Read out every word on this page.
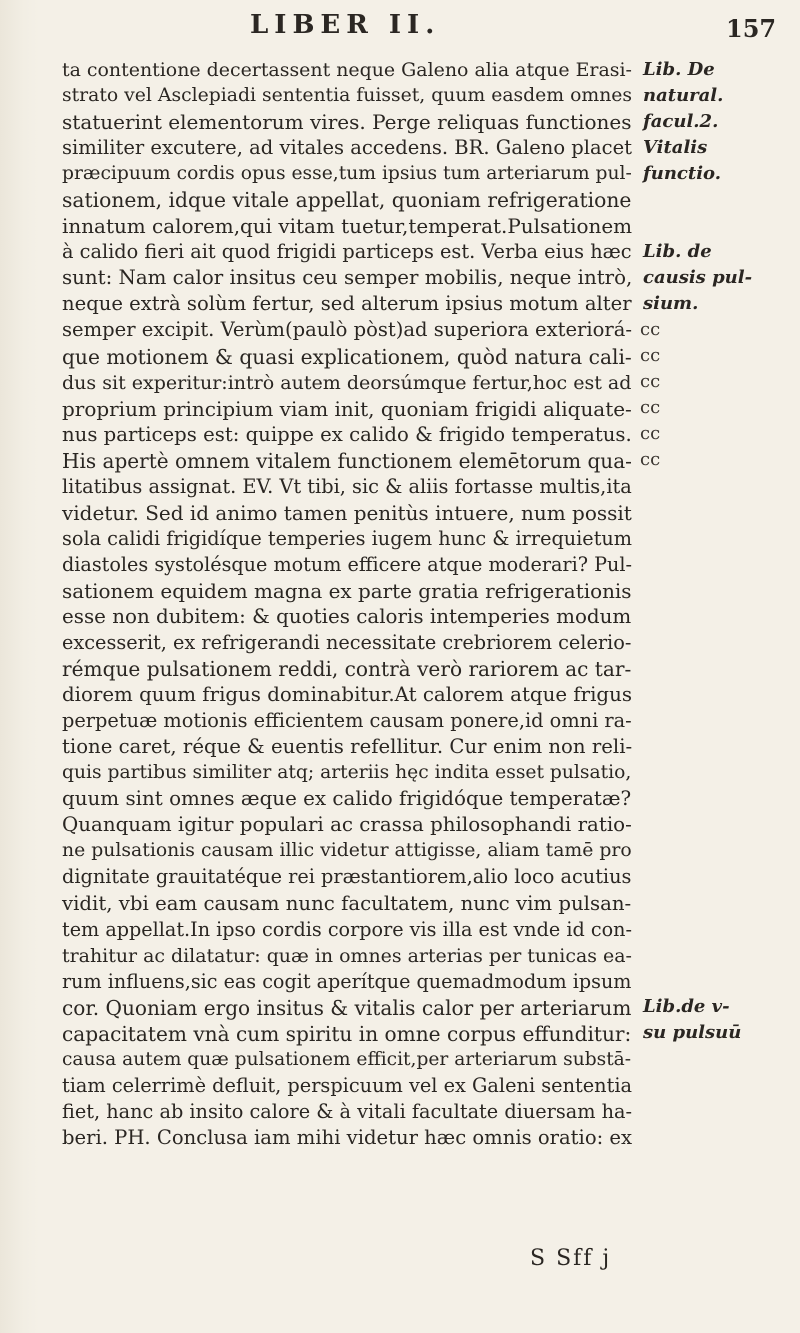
LIBER II.	157
ta contentione decertassent neque Galeno alia atque Erasi-
strato vel Asclepiadi sententia fuisset, quum easdem omnes
statuerint elementorum vires. Perge reliquas functiones
similiter excutere, ad vitales accedens. BR. Galeno placet
præcipuum cordis opus esse,tum ipsius tum arteriarum pul-
sationem, idque vitale appellat, quoniam refrigeratione
innatum calorem,qui vitam tuetur,temperat.Pulsationem
à calido fieri ait quod frigidi particeps est. Verba eius hæc
sunt: Nam calor insitus ceu semper mobilis, neque intrò,
neque extrà solùm fertur, sed alterum ipsius motum alter
semper excipit. Verùm(paulò pòst)ad superiora exteriorá-
que motionem & quasi explicationem, quòd natura cali-
dus sit experitur:intrò autem deorsúmque fertur,hoc est ad
proprium principium viam init, quoniam frigidi aliquate-
nus particeps est: quippe ex calido & frigido temperatus.
His apertè omnem vitalem functionem elemētorum qua-
litatibus assignat. EV. Vt tibi, sic & aliis fortasse multis,ita
videtur. Sed id animo tamen penitùs intuere, num possit
sola calidi frigidíque temperies iugem hunc & irrequietum
diastoles systolésque motum efficere atque moderari? Pul-
sationem equidem magna ex parte gratia refrigerationis
esse non dubitem: & quoties caloris intemperies modum
excesserit, ex refrigerandi necessitate crebriorem celerio-
rémque pulsationem reddi, contrà verò rariorem ac tar-
diorem quum frigus dominabitur.At calorem atque frigus
perpetuæ motionis efficientem causam ponere,id omni ra-
tione caret, réque & euentis refellitur. Cur enim non reli-
quis partibus similiter atq; arteriis hęc indita esset pulsatio,
quum sint omnes æque ex calido frigidóque temperatæ?
Quanquam igitur populari ac crassa philosophandi ratio-
ne pulsationis causam illic videtur attigisse, aliam tamē pro
dignitate grauitatéque rei præstantiorem,alio loco acutius
vidit, vbi eam causam nunc facultatem, nunc vim pulsan-
tem appellat.In ipso cordis corpore vis illa est vnde id con-
trahitur ac dilatatur: quæ in omnes arterias per tunicas ea-
rum influens,sic eas cogit aperítque quemadmodum ipsum
cor. Quoniam ergo insitus & vitalis calor per arteriarum
capacitatem vnà cum spiritu in omne corpus effunditur:
causa autem quæ pulsationem efficit,per arteriarum substā-
tiam celerrimè defluit, perspicuum vel ex Galeni sententia
fiet, hanc ab insito calore & à vitali facultate diuersam ha-
beri. PH. Conclusa iam mihi videtur hæc omnis oratio: ex
Lib. De
natural.
facul.2.
Vitalis
functio.
Lib. de
causis pul-
sium.
Lib.de v-
su pulsuū
cc
cc
cc
cc
cc
cc
S Sff j
